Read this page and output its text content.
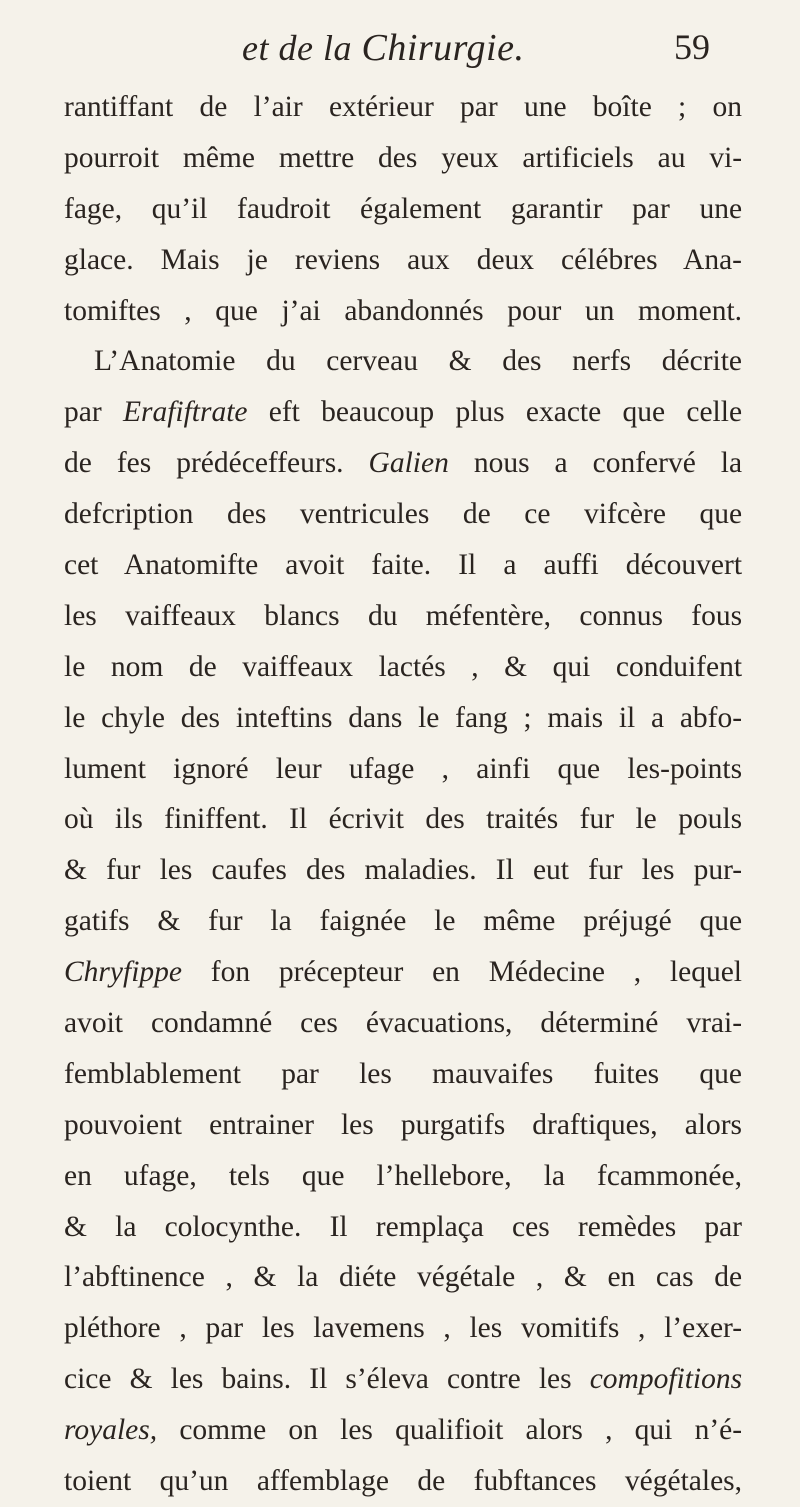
et de la Chirurgie.	59
rantiffant de l’air extérieur par une boîte ; on
pourroit même mettre des yeux artificiels au vi-
fage, qu’il faudroit également garantir par une
glace. Mais je reviens aux deux célébres Ana-
tomiftes , que j’ai abandonnés pour un moment.
L’Anatomie du cerveau & des nerfs décrite
par Erafiftrate eft beaucoup plus exacte que celle
de fes prédéceffeurs. Galien nous a confervé la
defcription des ventricules de ce vifcère que
cet Anatomifte avoit faite. Il a auffi découvert
les vaiffeaux blancs du méfentère, connus fous
le nom de vaiffeaux lactés , & qui conduifent
le chyle des inteftins dans le fang ; mais il a abfo-
lument ignoré leur ufage , ainfi que les-points
où ils finiffent. Il écrivit des traités fur le pouls
& fur les caufes des maladies. Il eut fur les pur-
gatifs & fur la faignée le même préjugé que
Chryfippe fon précepteur en Médecine , lequel
avoit condamné ces évacuations, déterminé vrai-
femblablement par les mauvaifes fuites que
pouvoient entrainer les purgatifs draftiques, alors
en ufage, tels que l’hellebore, la fcammonée,
& la colocynthe. Il remplaça ces remèdes par
l’abftinence , & la diéte végétale , & en cas de
pléthore , par les lavemens , les vomitifs , l’exer-
cice & les bains. Il s’éleva contre les compofitions
royales, comme on les qualifioit alors , qui n’é-
toient qu’un affemblage de fubftances végétales,
